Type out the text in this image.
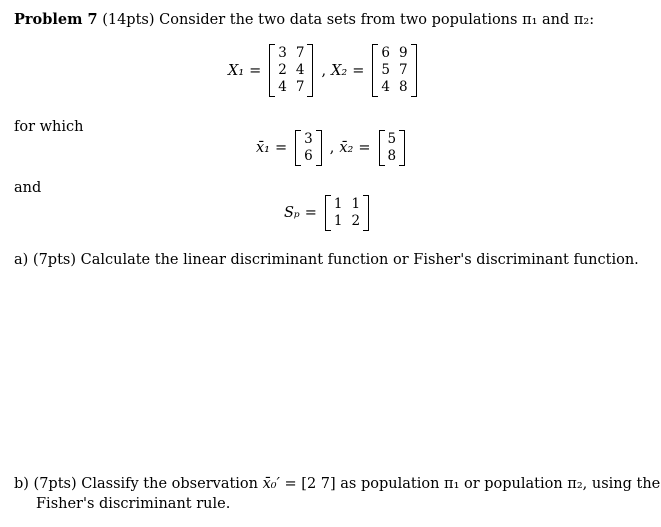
Problem 7 (14pts) Consider the two data sets from two populations π₁ and π₂:
X₁ =
3 7
2 4
4 7
, X₂ =
6 9
5 7
4 8
for which
x̄₁ =
3
6	, x̄₂ =
5
8
and
Sₚ =
1 1
1 2
a) (7pts) Calculate the linear discriminant function or Fisher's discriminant function.
b) (7pts) Classify the observation x̄₀′ = [2 7] as population π₁ or population π₂, using the
Fisher's discriminant rule.
